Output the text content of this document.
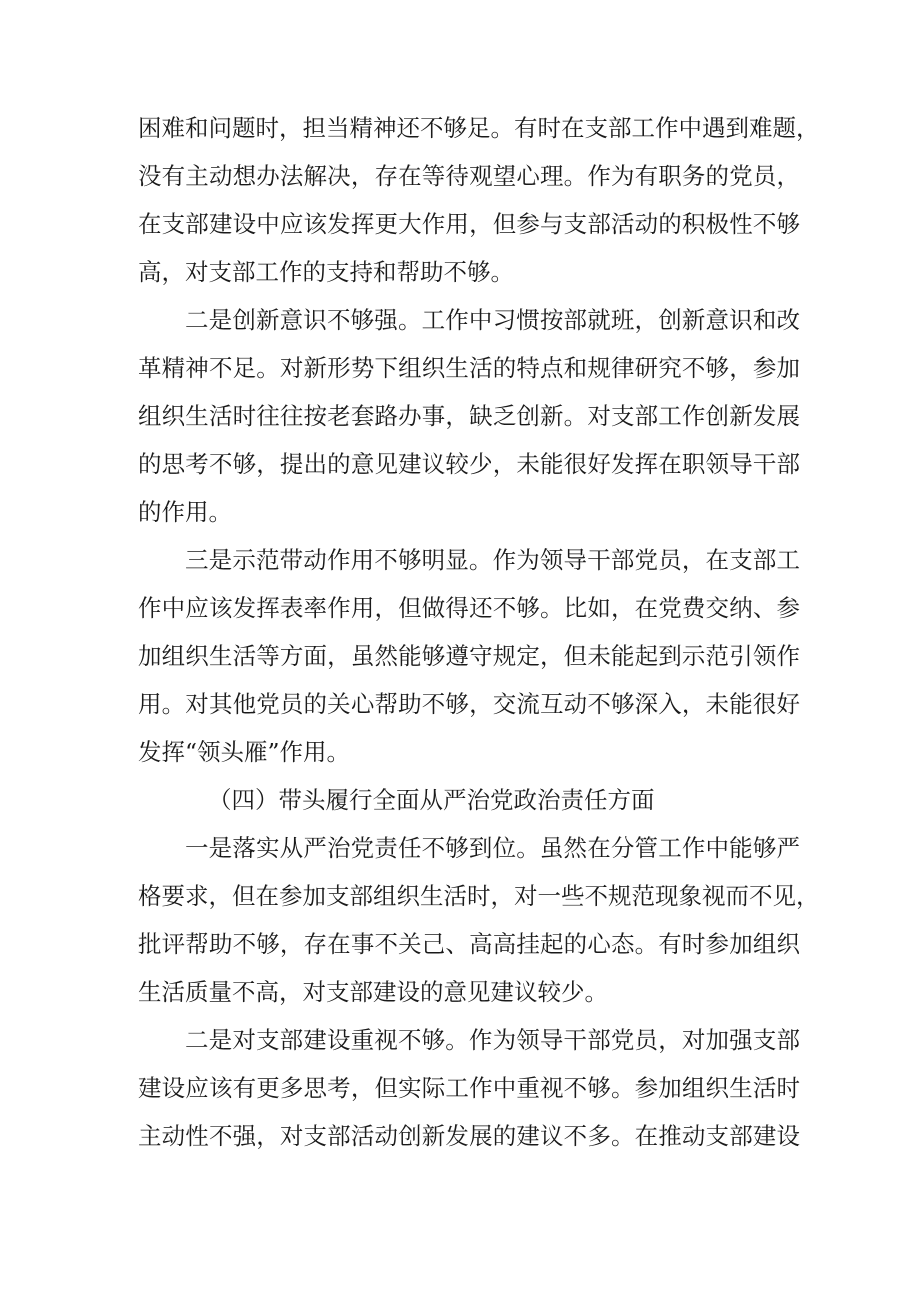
困难和问题时，担当精神还不够足。有时在支部工作中遇到难题，
没有主动想办法解决，存在等待观望心理。作为有职务的党员，
在支部建设中应该发挥更大作用，但参与支部活动的积极性不够
高，对支部工作的支持和帮助不够。
二是创新意识不够强。工作中习惯按部就班，创新意识和改
革精神不足。对新形势下组织生活的特点和规律研究不够，参加
组织生活时往往按老套路办事，缺乏创新。对支部工作创新发展
的思考不够，提出的意见建议较少，未能很好发挥在职领导干部
的作用。
三是示范带动作用不够明显。作为领导干部党员，在支部工
作中应该发挥表率作用，但做得还不够。比如，在党费交纳、参
加组织生活等方面，虽然能够遵守规定，但未能起到示范引领作
用。对其他党员的关心帮助不够，交流互动不够深入，未能很好
发挥“领头雁”作用。
（四）带头履行全面从严治党政治责任方面
一是落实从严治党责任不够到位。虽然在分管工作中能够严
格要求，但在参加支部组织生活时，对一些不规范现象视而不见，
批评帮助不够，存在事不关己、高高挂起的心态。有时参加组织
生活质量不高，对支部建设的意见建议较少。
二是对支部建设重视不够。作为领导干部党员，对加强支部
建设应该有更多思考，但实际工作中重视不够。参加组织生活时
主动性不强，对支部活动创新发展的建议不多。在推动支部建设
